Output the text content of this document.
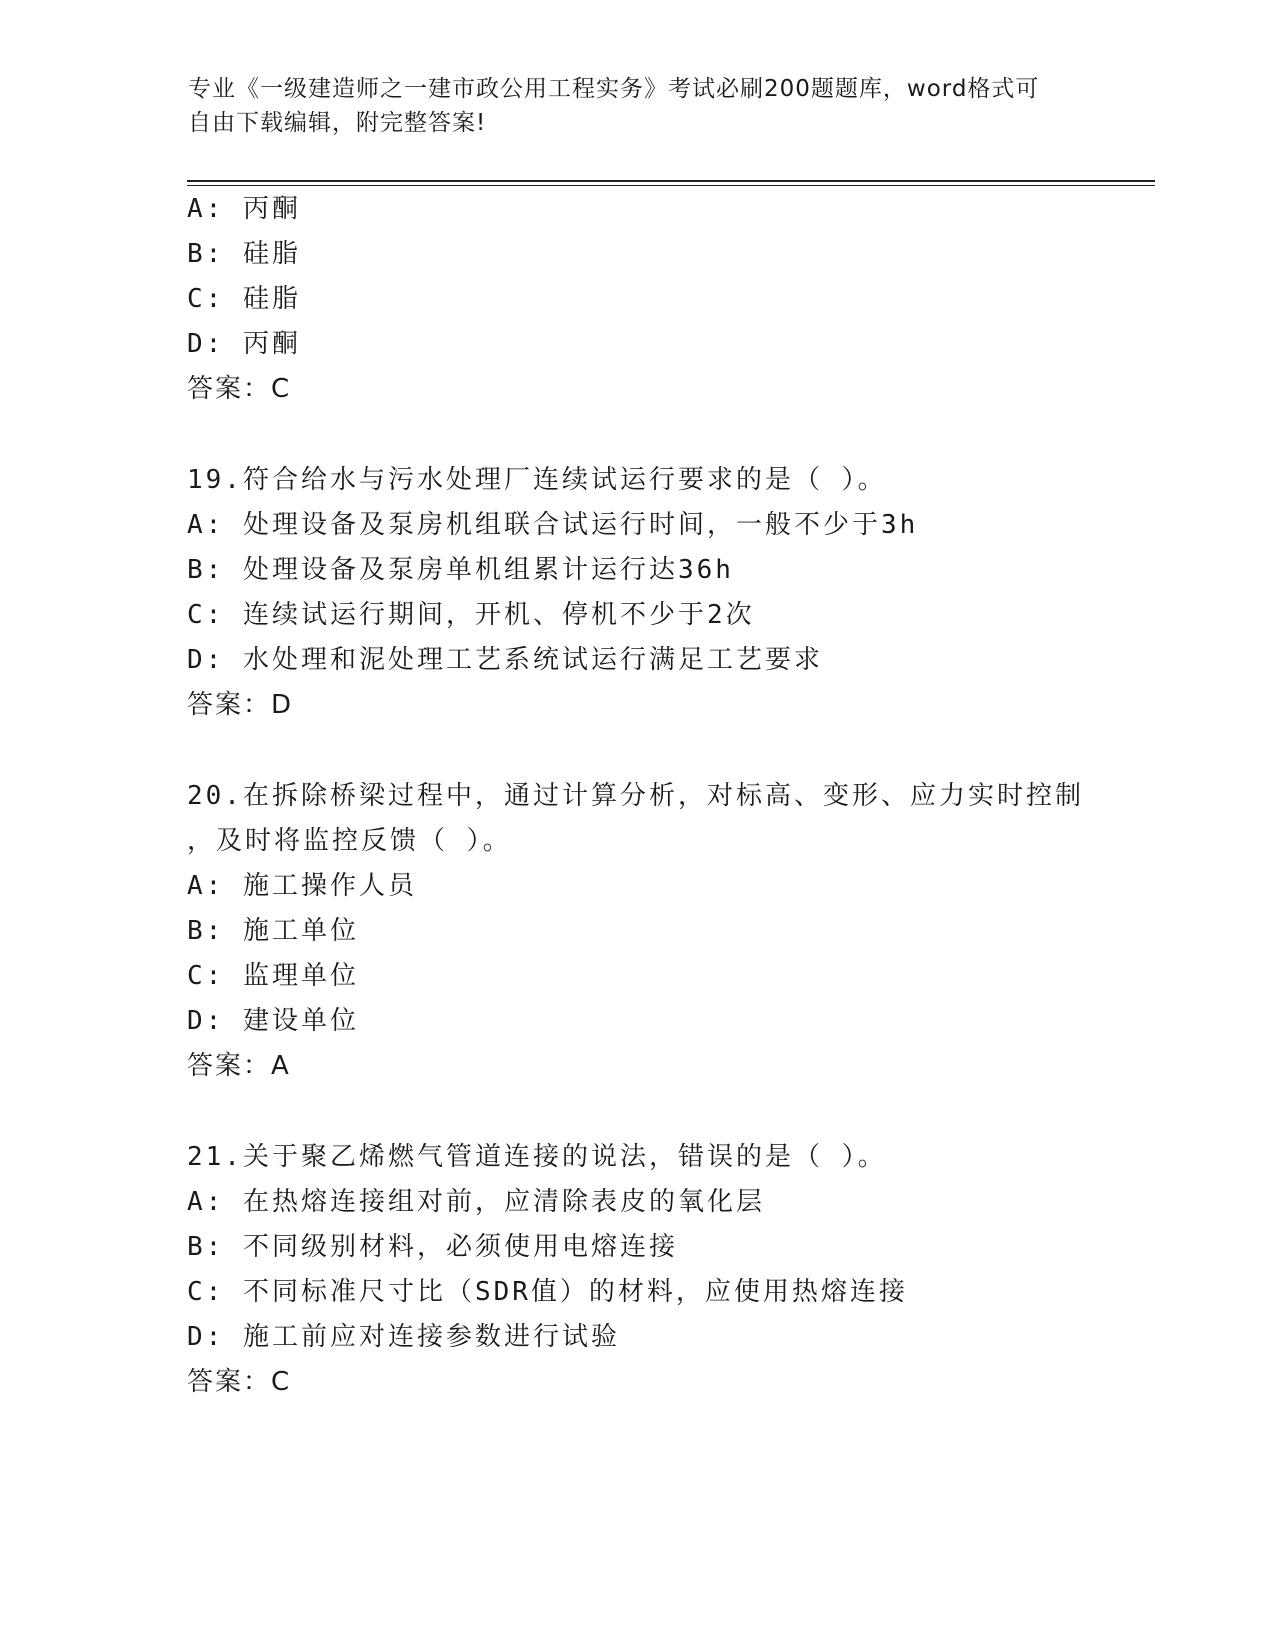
专业《一级建造师之一建市政公用工程实务》考试必刷200题题库，word格式可
自由下载编辑，附完整答案!
A: 丙酮
B: 硅脂
C: 硅脂
D: 丙酮
答案：C
19.符合给水与污水处理厂连续试运行要求的是（ ）。
A: 处理设备及泵房机组联合试运行时间，一般不少于3h
B: 处理设备及泵房单机组累计运行达36h
C: 连续试运行期间，开机、停机不少于2次
D: 水处理和泥处理工艺系统试运行满足工艺要求
答案：D
20.在拆除桥梁过程中，通过计算分析，对标高、变形、应力实时控制
，及时将监控反馈（ ）。
A: 施工操作人员
B: 施工单位
C: 监理单位
D: 建设单位
答案：A
21.关于聚乙烯燃气管道连接的说法，错误的是（ ）。
A: 在热熔连接组对前，应清除表皮的氧化层
B: 不同级别材料，必须使用电熔连接
C: 不同标准尺寸比（SDR值）的材料，应使用热熔连接
D: 施工前应对连接参数进行试验
答案：C
